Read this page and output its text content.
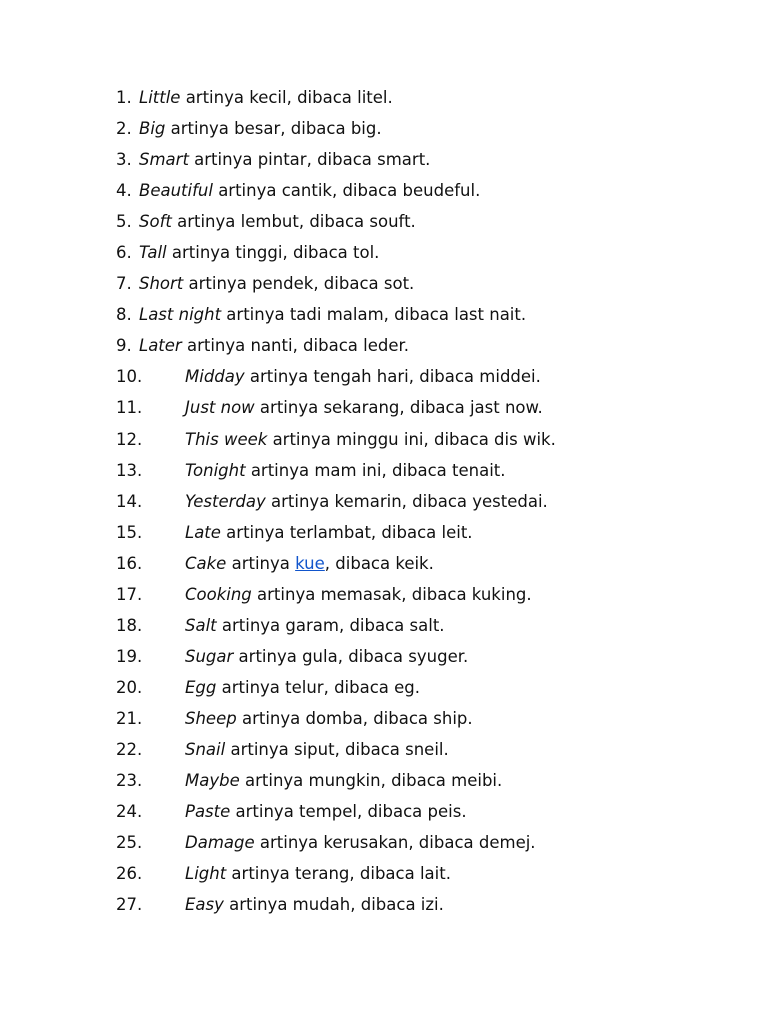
1. Little artinya kecil, dibaca litel.
2. Big artinya besar, dibaca big.
3. Smart artinya pintar, dibaca smart.
4. Beautiful artinya cantik, dibaca beudeful.
5. Soft artinya lembut, dibaca souft.
6. Tall artinya tinggi, dibaca tol.
7. Short artinya pendek, dibaca sot.
8. Last night artinya tadi malam, dibaca last nait.
9. Later artinya nanti, dibaca leder.
10.	Midday artinya tengah hari, dibaca middei.
11.	Just now artinya sekarang, dibaca jast now.
12.	This week artinya minggu ini, dibaca dis wik.
13.	Tonight artinya mam ini, dibaca tenait.
14.	Yesterday artinya kemarin, dibaca yestedai.
15.	Late artinya terlambat, dibaca leit.
16.	Cake artinya kue , dibaca keik.
17.	Cooking artinya memasak, dibaca kuking.
18.	Salt artinya garam, dibaca salt.
19.	Sugar artinya gula, dibaca syuger.
20.	Egg artinya telur, dibaca eg.
21.	Sheep artinya domba, dibaca ship.
22.	Snail artinya siput, dibaca sneil.
23.	Maybe artinya mungkin, dibaca meibi.
24.	Paste artinya tempel, dibaca peis.
25.	Damage artinya kerusakan, dibaca demej.
26.	Light artinya terang, dibaca lait.
27.	Easy artinya mudah, dibaca izi.
